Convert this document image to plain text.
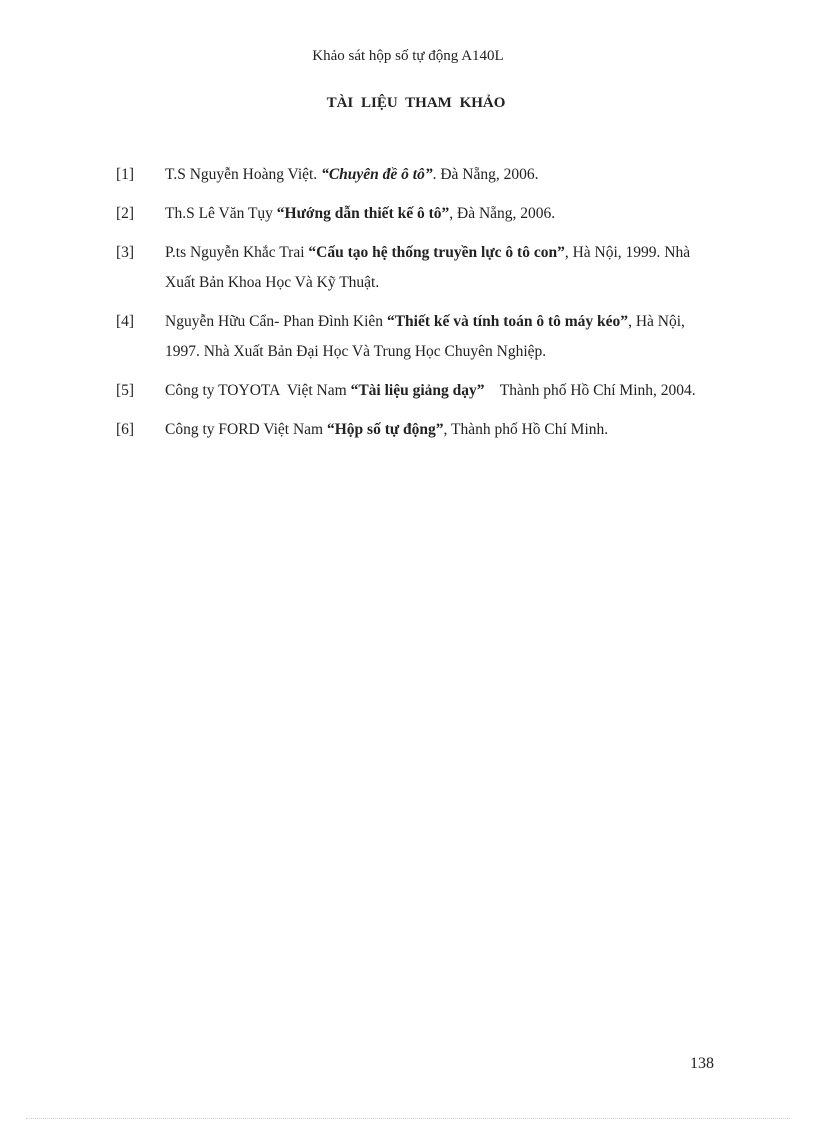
Khảo sát hộp số tự động A140L
TÀI LIỆU THAM KHẢO
[1]	T.S Nguyễn Hoàng Việt. “Chuyên đề ô tô”. Đà Nẵng, 2006.
[2]	Th.S Lê Văn Tụy “Hướng dẫn thiết kế ô tô”, Đà Nẵng, 2006.
[3]	P.ts Nguyễn Khắc Trai “Cấu tạo hệ thống truyền lực ô tô con”, Hà Nội, 1999. Nhà Xuất Bản Khoa Học Và Kỹ Thuật.
[4]	Nguyễn Hữu Cẩn- Phan Đình Kiên “Thiết kế và tính toán ô tô máy kéo”, Hà Nội, 1997. Nhà Xuất Bản Đại Học Và Trung Học Chuyên Nghiệp.
[5]	Công ty TOYOTA  Việt Nam “Tài liệu giảng dạy”    Thành phố Hồ Chí Minh, 2004.
[6]	Công ty FORD Việt Nam “Hộp số tự động”, Thành phố Hồ Chí Minh.
138
